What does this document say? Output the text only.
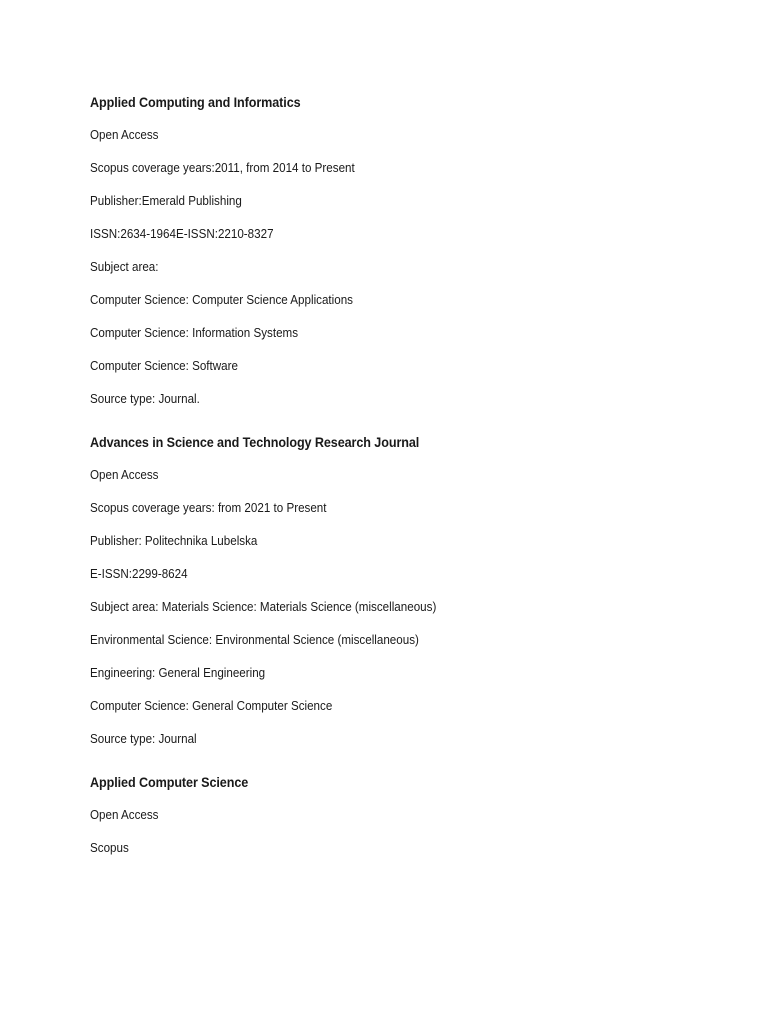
Applied Computing and Informatics
Open Access
Scopus coverage years:2011, from 2014 to Present
Publisher:Emerald Publishing
ISSN:2634-1964E-ISSN:2210-8327
Subject area:
Computer Science: Computer Science Applications
Computer Science: Information Systems
Computer Science: Software
Source type: Journal.
Advances in Science and Technology Research Journal
Open Access
Scopus coverage years: from 2021 to Present
Publisher: Politechnika Lubelska
E-ISSN:2299-8624
Subject area: Materials Science: Materials Science (miscellaneous)
Environmental Science: Environmental Science (miscellaneous)
Engineering: General Engineering
Computer Science: General Computer Science
Source type: Journal
Applied Computer Science
Open Access
Scopus
